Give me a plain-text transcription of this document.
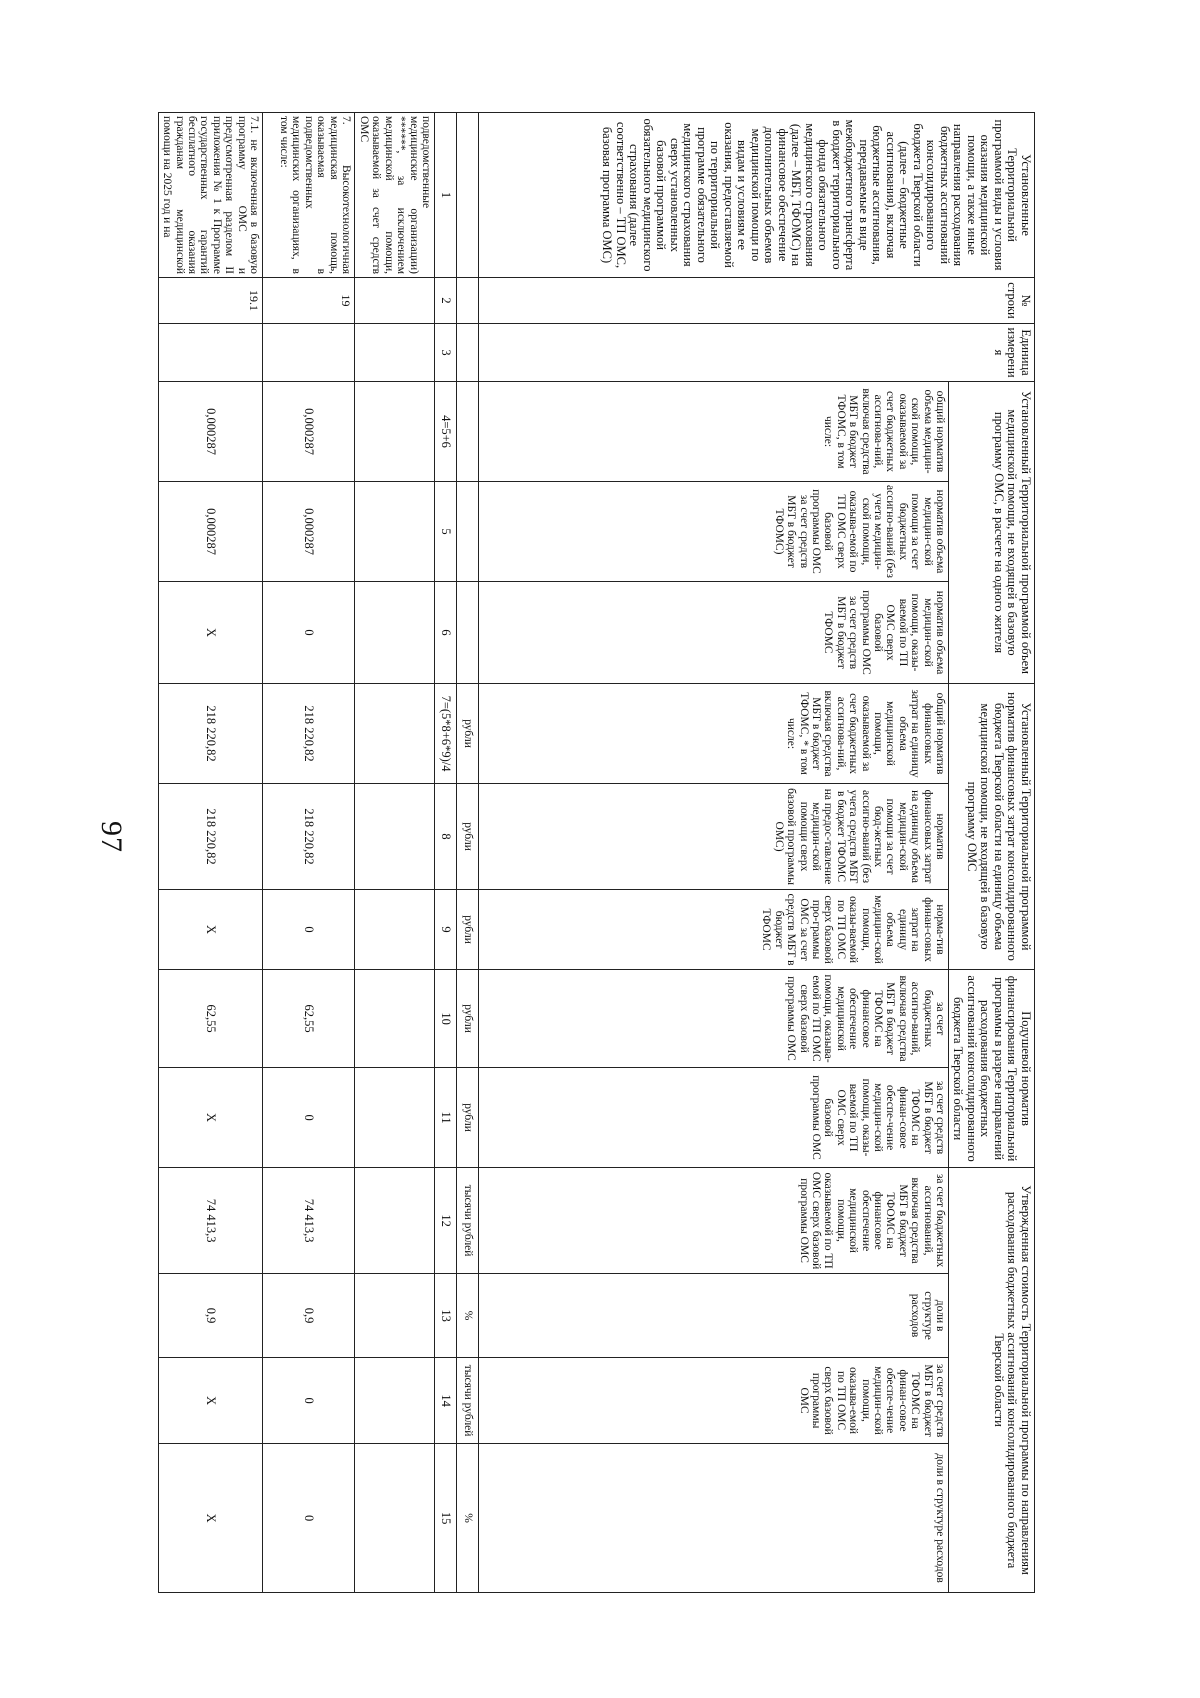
97
Установленные Территориальной программой виды и условия оказания медицинской помощи, а также иные направления расходования бюджетных ассигнований консолидированного бюджета Тверской области (далее – бюджетные ассигнования), включая бюджетные ассигнования, передаваемые в виде межбюджетного трансферта в бюджет территориального фонда обязательного медицинского страхования (далее – МБТ, ТФОМС) на финансовое обеспечение дополнительных объемов медицинской помощи по видам и условиям ее оказания, предоставляемой по территориальной программе обязательного медицинского страхования сверх установленных базовой программой обязательного медицинского страхования (далее соответственно – ТП ОМС, базовая программа ОМС)	№ строки	Единица измерения	Установленный Территориальной программой объем медицинской помощи, не входящей в базовую программу ОМС, в расчете на одного жителя			Установленный Территориальной программой норматив финансовых затрат консолидированного бюджета Тверской области на единицу объема медицинской помощи, не входящей в базовую программу ОМС			Подушевой норматив финансирования Территориальной программы в разрезе направлений расходования бюджетных ассигнований консолидированного бюджета Тверской области		Утвержденная стоимость Территориальной программы по направлениям расходования бюджетных ассигнований консолидированного бюджета Тверской области			
			общий норматив объема медицин-ской помощи, оказываемой за счет бюджетных ассигнова-ний, включая средства МБТ в бюджет ТФОМС, в том числе:	норматив объема медицин-ской помощи за счет бюджетных ассигно-ваний (без учета медицин-ской помощи, оказыва-емой по ТП ОМС сверх базовой программы ОМС за счет средств МБТ в бюджет ТФОМС)	норматив объема медицин-ской помощи, оказы-ваемой по ТП ОМС сверх базовой программы ОМС за счет средств МБТ в бюджет ТФОМС	общий норматив финансовых затрат на единицу объема медицинской помощи, оказываемой за счет бюджетных ассигнова-ний, включая средства МБТ в бюджет ТФОМС, * в том числе:	норматив финансовых затрат на единицу объема медицин-ской помощи за счет бюд-жетных ассигно-ваний (без учета средств МБТ в бюджет ТФОМС на предос-тавление медицин-ской помощи сверх базовой программы ОМС)	норма-тив финан-совых затрат на единицу объема медицин-ской помощи, оказы-ваемой по ТП ОМС сверх базовой про-граммы ОМС за счет средств МБТ в бюджет ТФОМС	за счет бюджетных ассигно-ваний, включая средства МБТ в бюджет ТФОМС на финансовое обеспечение медицинской помощи, оказыва-емой по ТП ОМС сверх базовой программы ОМС	за счет средств МБТ в бюджет ТФОМС на финан-совое обеспе-чение медицин-ской помощи, оказы-ваемой по ТП ОМС сверх базовой программы ОМС	за счет бюджетных ассигнований, включая средства МБТ в бюджет ТФОМС на финансовое обеспечение медицинской помощи, оказываемой по ТП ОМС сверх базовой программы ОМС	доли в структуре расходов	за счет средств МБТ в бюджет ТФОМС на финан-совое обеспе-чение медицин-ской помощи, оказыва-емой по ТП ОМС сверх базовой программы ОМС	доли в структуре расходов
						рубли	рубли	рубли	рубли	рубли	тысячи рублей	%	тысячи рублей	%
1	2	3	4=5+6	5	6	7=(5*8+6*9)/4	8	9	10	11	12	13	14	15
подведомственные медицинские организации) ******, за исключением медицинской помощи, оказываемой за счет средств ОМС														
7. Высокотехнологичная медицинская помощь, оказываемая в подведомственных медицинских организациях, в том числе:	19		0,000287	0,000287	0	218 220,82	218 220,82	0	62,55	0	74 413,3	0,9	0	0
7.1. не включенная в базовую программу ОМС и предусмотренная разделом II приложения № 1 к Программе государственных гарантий бесплатного оказания гражданам медицинской помощи на 2025 год и на	19.1		0,000287	0,000287	X	218 220,82	218 220,82	X	62,55	X	74 413,3	0,9	X	X
